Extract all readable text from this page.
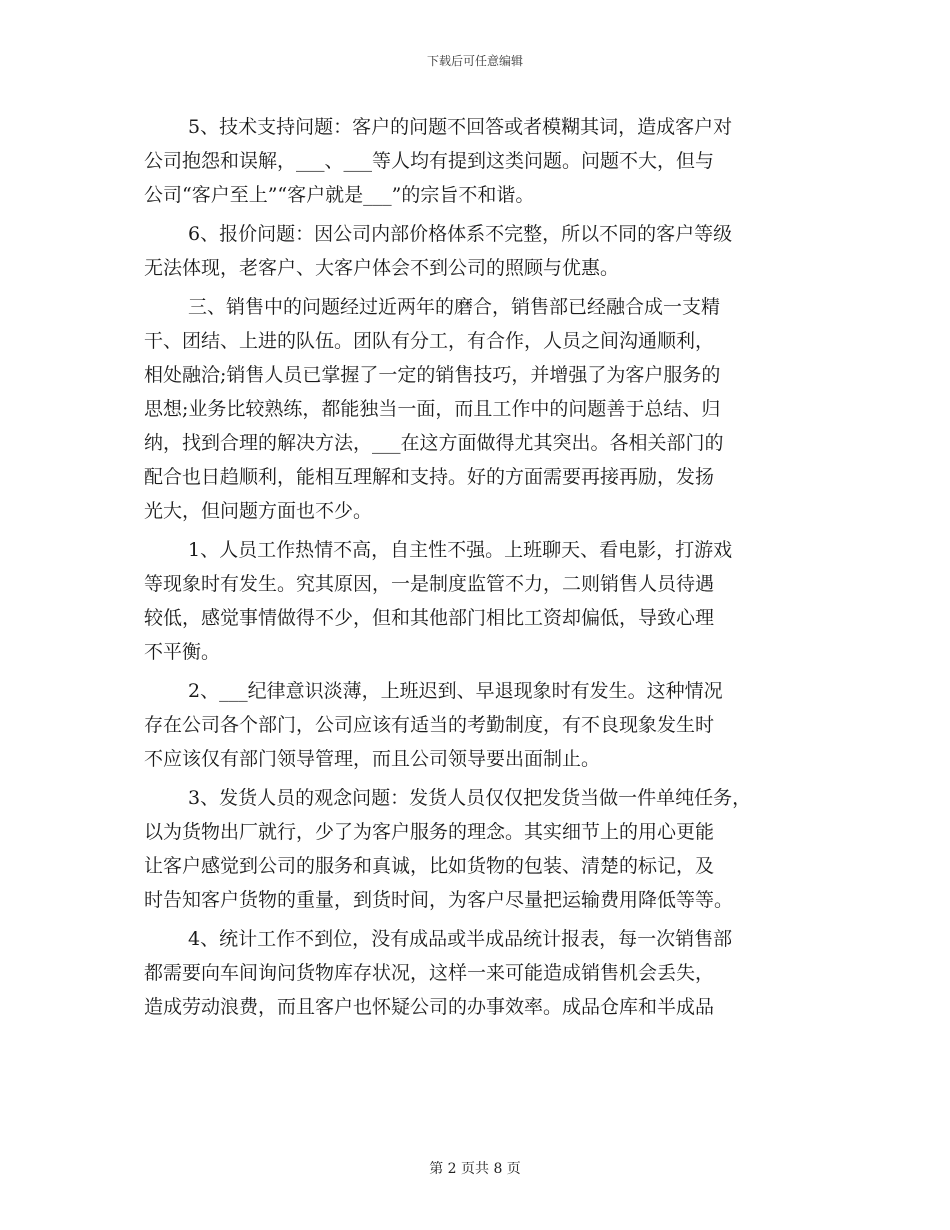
下载后可任意编辑
5、技术支持问题：客户的问题不回答或者模糊其词，造成客户对
公司抱怨和误解，___、___等人均有提到这类问题。问题不大，但与
公司“客户至上”“客户就是___”的宗旨不和谐。
6、报价问题：因公司内部价格体系不完整，所以不同的客户等级
无法体现，老客户、大客户体会不到公司的照顾与优惠。
三、销售中的问题经过近两年的磨合，销售部已经融合成一支精
干、团结、上进的队伍。团队有分工，有合作，人员之间沟通顺利，
相处融洽;销售人员已掌握了一定的销售技巧，并增强了为客户服务的
思想;业务比较熟练，都能独当一面，而且工作中的问题善于总结、归
纳，找到合理的解决方法，___在这方面做得尤其突出。各相关部门的
配合也日趋顺利，能相互理解和支持。好的方面需要再接再励，发扬
光大，但问题方面也不少。
1、人员工作热情不高，自主性不强。上班聊天、看电影，打游戏
等现象时有发生。究其原因，一是制度监管不力，二则销售人员待遇
较低，感觉事情做得不少，但和其他部门相比工资却偏低，导致心理
不平衡。
2、___纪律意识淡薄，上班迟到、早退现象时有发生。这种情况
存在公司各个部门，公司应该有适当的考勤制度，有不良现象发生时
不应该仅有部门领导管理，而且公司领导要出面制止。
3、发货人员的观念问题：发货人员仅仅把发货当做一件单纯任务，
以为货物出厂就行，少了为客户服务的理念。其实细节上的用心更能
让客户感觉到公司的服务和真诚，比如货物的包装、清楚的标记，及
时告知客户货物的重量，到货时间，为客户尽量把运输费用降低等等。
4、统计工作不到位，没有成品或半成品统计报表，每一次销售部
都需要向车间询问货物库存状况，这样一来可能造成销售机会丢失，
造成劳动浪费，而且客户也怀疑公司的办事效率。成品仓库和半成品
第 2 页共 8 页
